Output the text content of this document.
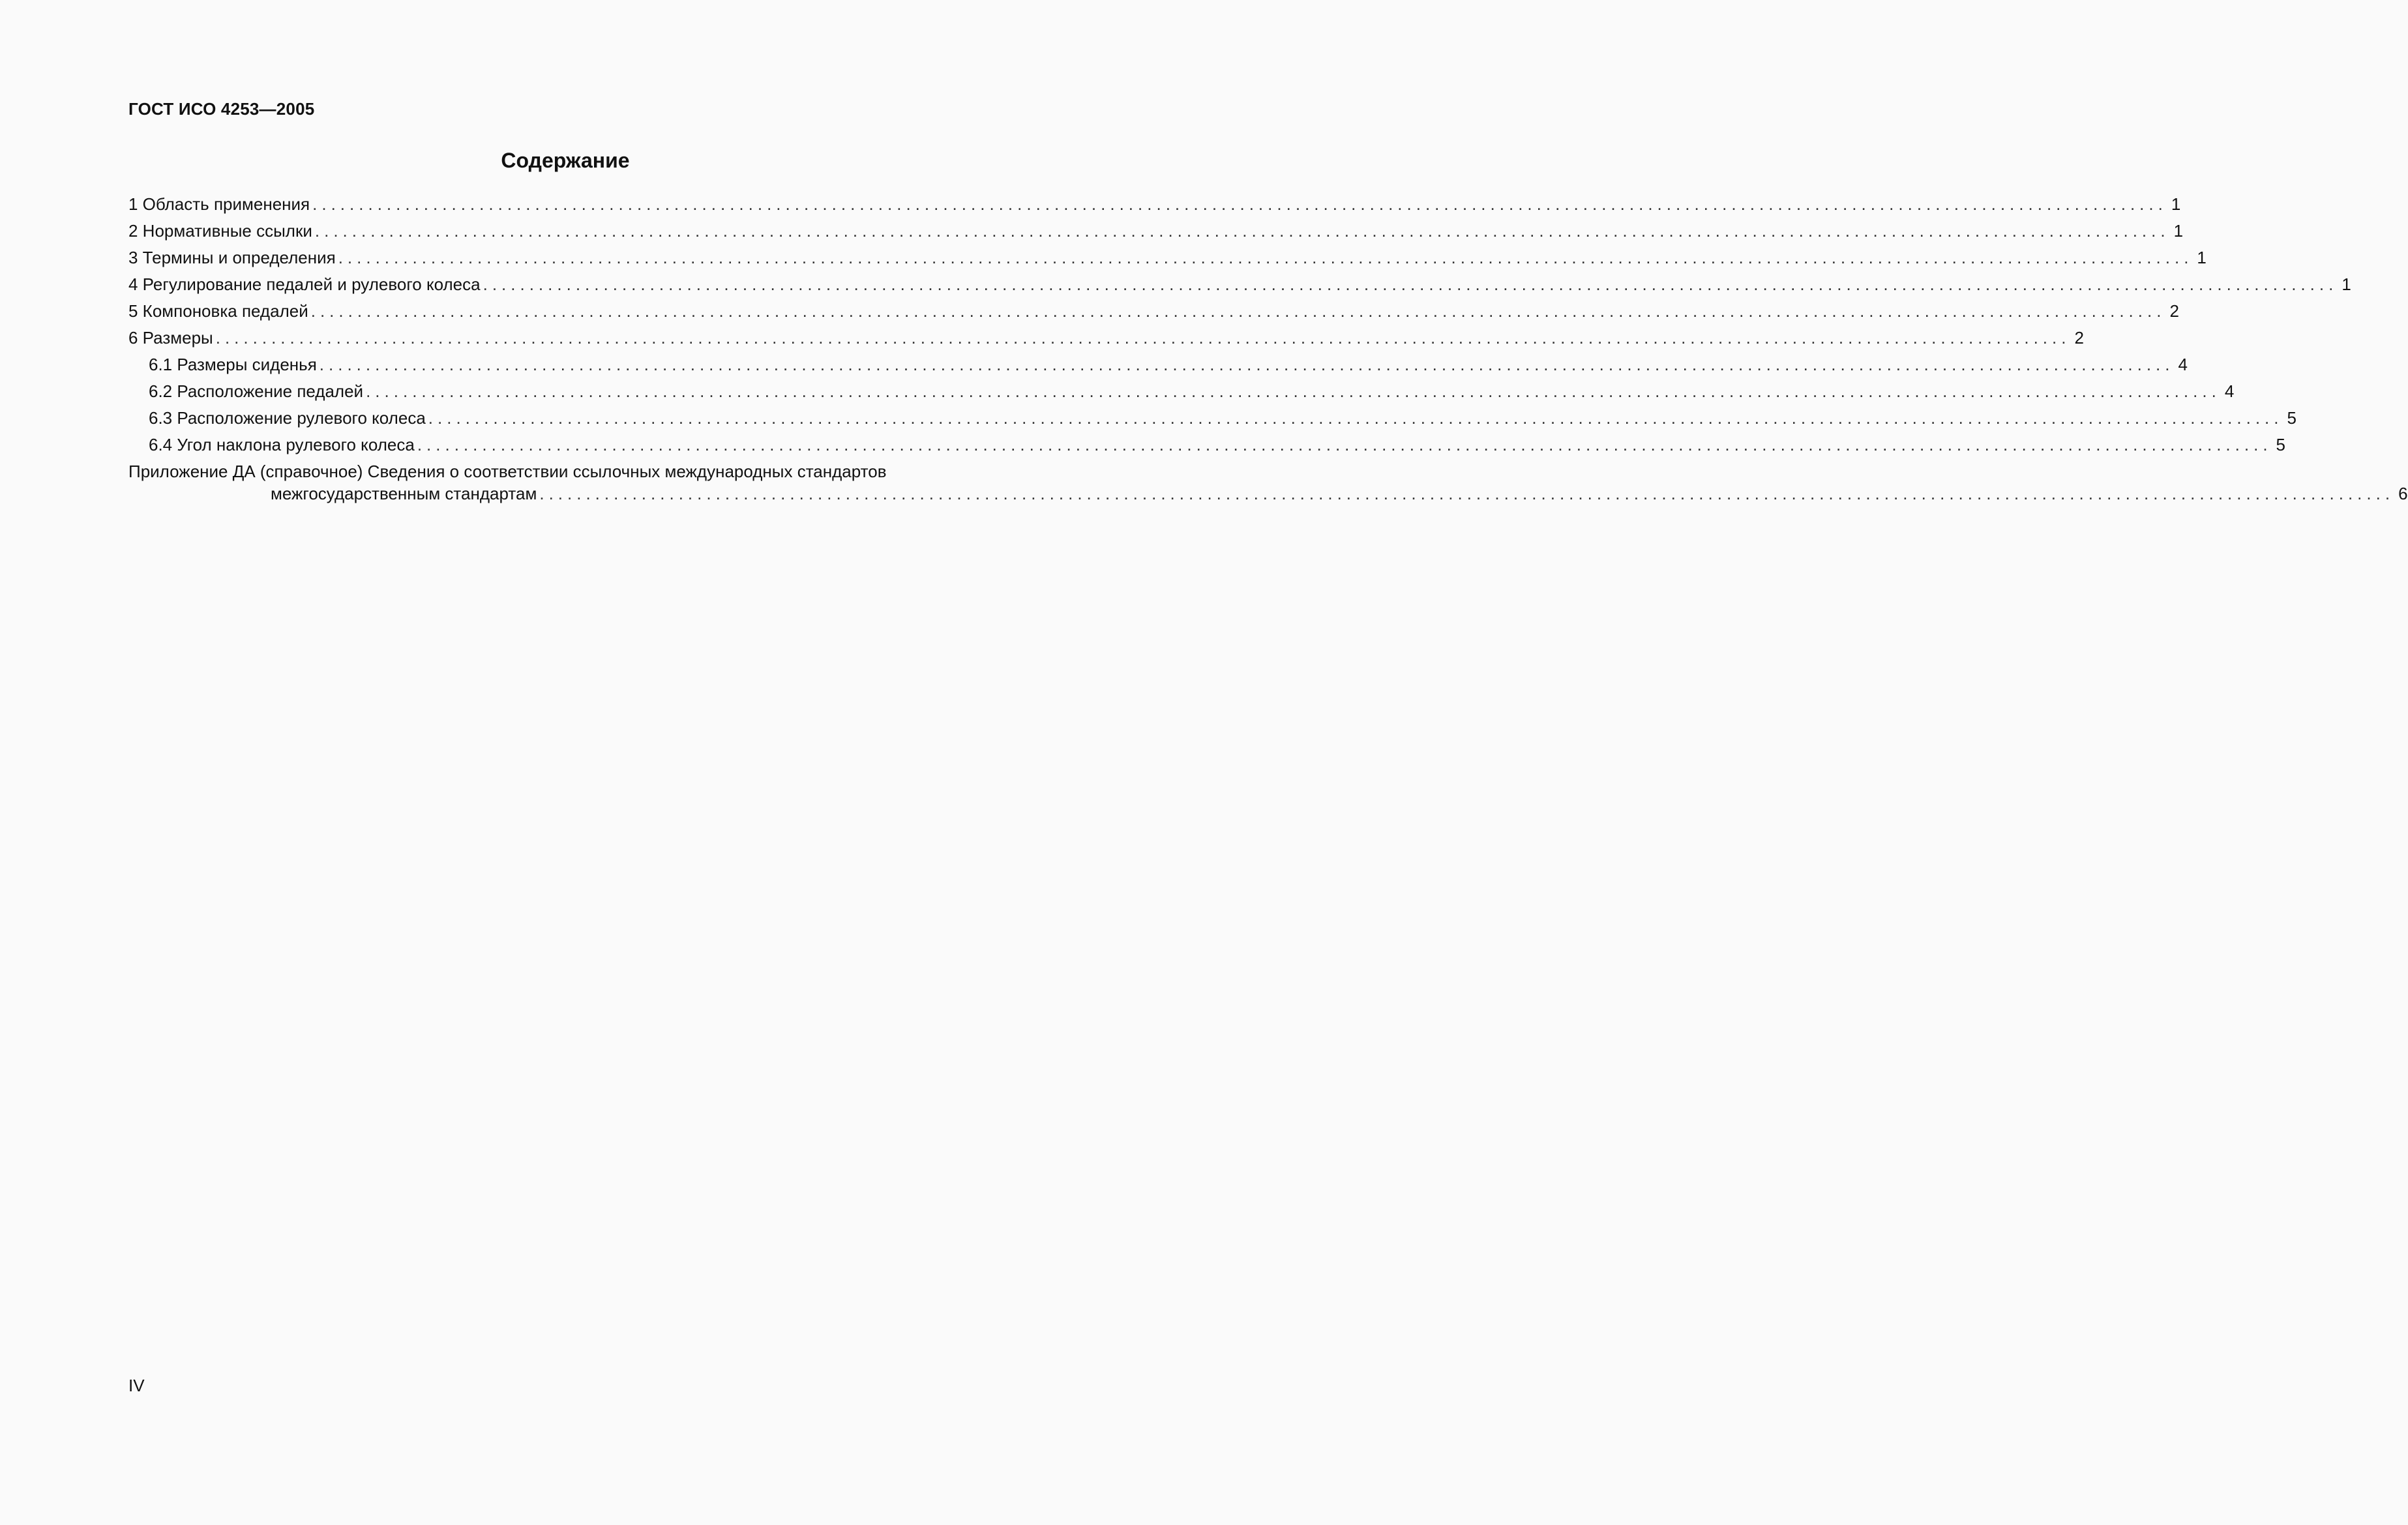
ГОСТ ИСО 4253—2005
Содержание
1 Область применения ........................................................................................................................................................................................................ 1
2 Нормативные ссылки ........................................................................................................................................................................................................ 1
3 Термины и определения ........................................................................................................................................................................................................ 1
4 Регулирование педалей и рулевого колеса ........................................................................................................................................................................................................ 1
5 Компоновка педалей ........................................................................................................................................................................................................ 2
6 Размеры ........................................................................................................................................................................................................ 2
6.1 Размеры сиденья ........................................................................................................................................................................................................ 4
6.2 Расположение педалей ........................................................................................................................................................................................................ 4
6.3 Расположение рулевого колеса ........................................................................................................................................................................................................ 5
6.4 Угол наклона рулевого колеса ........................................................................................................................................................................................................ 5
Приложение ДА (справочное) Сведения о соответствии ссылочных международных стандартов
межгосударственным стандартам ........................................................................................................................................................................................................ 6
IV
